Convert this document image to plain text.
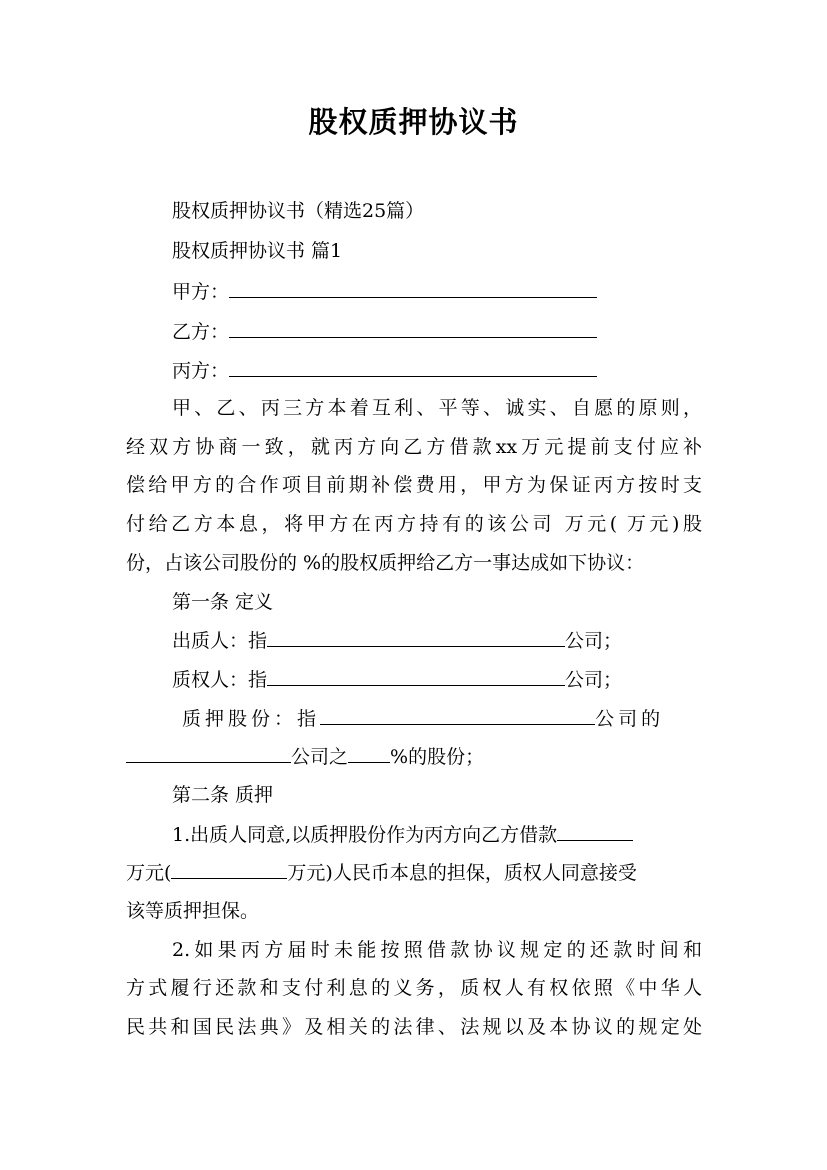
股权质押协议书
股权质押协议书（精选25篇）
股权质押协议书 篇1
甲方：
乙方：
丙方：
甲、乙、丙三方本着互利、平等、诚实、自愿的原则，
经双方协商一致，就丙方向乙方借款xx万元提前支付应补
偿给甲方的合作项目前期补偿费用，甲方为保证丙方按时支
付给乙方本息，将甲方在丙方持有的该公司 万元( 万元)股
份，占该公司股份的 %的股权质押给乙方一事达成如下协议：
第一条 定义
出质人：指	公司；
质权人：指	公司；
质押股份：指	公司的
公司之 %的股份；
第二条 质押
1.出质人同意,以质押股份作为丙方向乙方借款
万元(	万元)人民币本息的担保，质权人同意接受
该等质押担保。
2.如果丙方届时未能按照借款协议规定的还款时间和
方式履行还款和支付利息的义务，质权人有权依照《中华人
民共和国民法典》及相关的法律、法规以及本协议的规定处
